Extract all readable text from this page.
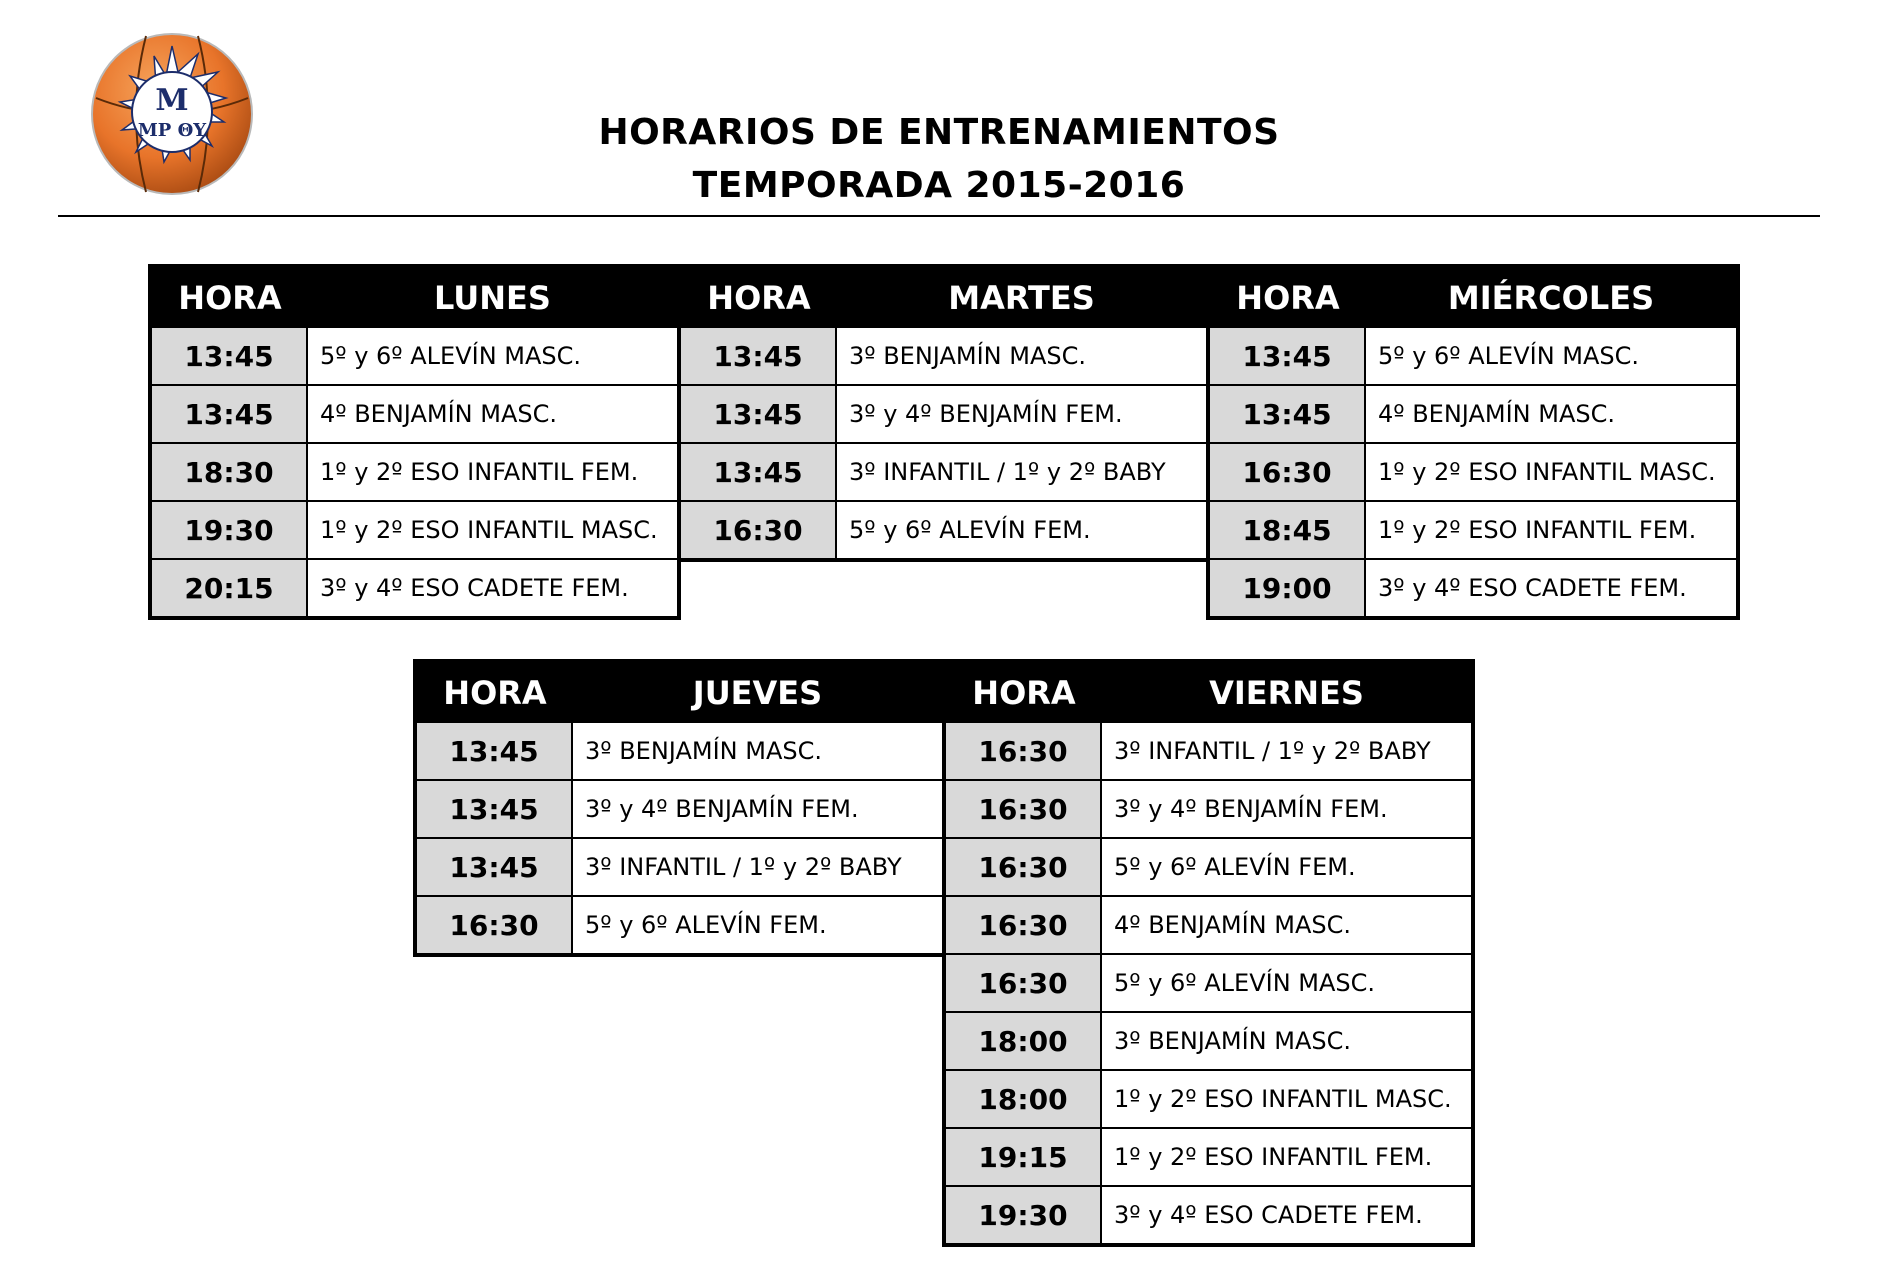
M
MP ΘY	HORARIOS DE ENTRENAMIENTOS
TEMPORADA 2015-2016
HORA	LUNES
13:45	5º y 6º ALEVÍN MASC.
13:45	4º BENJAMÍN MASC.
18:30	1º y 2º ESO INFANTIL FEM.
19:30	1º y 2º ESO INFANTIL MASC.
20:15	3º y 4º ESO CADETE FEM.
HORA	MARTES
13:45	3º BENJAMÍN MASC.
13:45	3º y 4º BENJAMÍN FEM.
13:45	3º INFANTIL / 1º y 2º BABY
16:30	5º y 6º ALEVÍN FEM.
HORA	MIÉRCOLES
13:45	5º y 6º ALEVÍN MASC.
13:45	4º BENJAMÍN MASC.
16:30	1º y 2º ESO INFANTIL MASC.
18:45	1º y 2º ESO INFANTIL FEM.
19:00	3º y 4º ESO CADETE FEM.
HORA	JUEVES
13:45	3º BENJAMÍN MASC.
13:45	3º y 4º BENJAMÍN FEM.
13:45	3º INFANTIL / 1º y 2º BABY
16:30	5º y 6º ALEVÍN FEM.
HORA	VIERNES
16:30	3º INFANTIL / 1º y 2º BABY
16:30	3º y 4º BENJAMÍN FEM.
16:30	5º y 6º ALEVÍN FEM.
16:30	4º BENJAMÍN MASC.
16:30	5º y 6º ALEVÍN MASC.
18:00	3º BENJAMÍN MASC.
18:00	1º y 2º ESO INFANTIL MASC.
19:15	1º y 2º ESO INFANTIL FEM.
19:30	3º y 4º ESO CADETE FEM.
